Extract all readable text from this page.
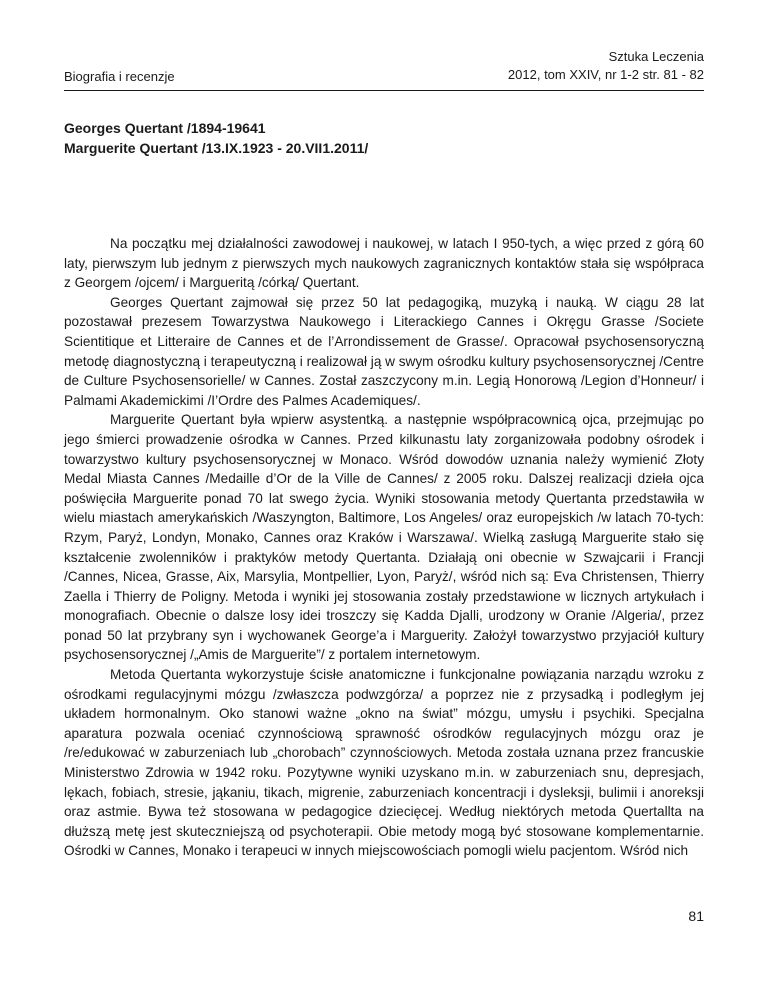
Biografia i recenzje
Sztuka Leczenia
2012, tom XXIV, nr 1-2 str. 81 - 82
Georges Quertant /1894-19641
Marguerite Quertant /13.IX.1923 - 20.VII1.2011/

Na początku mej działalności zawodowej i naukowej, w latach I 950-tych, a więc przed z górą 60 laty, pierwszym lub jednym z pierwszych mych naukowych zagranicznych kontaktów stała się współpraca z Georgem /ojcem/ i Margueritą /córką/ Quertant.

Georges Quertant zajmował się przez 50 lat pedagogiką, muzyką i nauką. W ciągu 28 lat pozostawał prezesem Towarzystwa Naukowego i Literackiego Cannes i Okręgu Grasse /Societe Scientitique et Litteraire de Cannes et de l’Arrondissement de Grasse/. Opracował psychosensoryczną metodę diagnostyczną i terapeutyczną i realizował ją w swym ośrodku kultury psychosensorycznej /Centre de Culture Psychosensorielle/ w Cannes. Został zaszczycony m.in. Legią Honorową /Legion d’Honneur/ i Palmami Akademickimi /I’Ordre des Palmes Academiques/.

Marguerite Quertant była wpierw asystentką. a następnie współpracownicą ojca, przejmując po jego śmierci prowadzenie ośrodka w Cannes. Przed kilkunastu laty zorganizowała podobny ośrodek i towarzystwo kultury psychosensorycznej w Monaco. Wśród dowodów uznania należy wymienić Złoty Medal Miasta Cannes /Medaille d’Or de la Ville de Cannes/ z 2005 roku. Dalszej realizacji dzieła ojca poświęciła Marguerite ponad 70 lat swego życia. Wyniki stosowania metody Quertanta przedstawiła w wielu miastach amerykańskich /Waszyngton, Baltimore, Los Angeles/ oraz europejskich /w latach 70-tych: Rzym, Paryż, Londyn, Monako, Cannes oraz Kraków i Warszawa/. Wielką zasługą Marguerite stało się kształcenie zwolenników i praktyków metody Quertanta. Działają oni obecnie w Szwajcarii i Francji /Cannes, Nicea, Grasse, Aix, Marsylia, Montpellier, Lyon, Paryż/, wśród nich są: Eva Christensen, Thierry Zaella i Thierry de Poligny. Metoda i wyniki jej stosowania zostały przedstawione w licznych artykułach i monografiach. Obecnie o dalsze losy idei troszczy się Kadda Djalli, urodzony w Oranie /Algeria/, przez ponad 50 lat przybrany syn i wychowanek George’a i Marguerity. Założył towarzystwo przyjaciół kultury psychosensorycznej /„Amis de Marguerite”/ z portalem internetowym.

Metoda Quertanta wykorzystuje ścisłe anatomiczne i funkcjonalne powiązania narządu wzroku z ośrodkami regulacyjnymi mózgu /zwłaszcza podwzgórza/ a poprzez nie z przysadką i podległym jej układem hormonalnym. Oko stanowi ważne „okno na świat” mózgu, umysłu i psychiki. Specjalna aparatura pozwala oceniać czynnościową sprawność ośrodków regulacyjnych mózgu oraz je /re/edukować w zaburzeniach lub „chorobach” czynnościowych. Metoda została uznana przez francuskie Ministerstwo Zdrowia w 1942 roku. Pozytywne wyniki uzyskano m.in. w zaburzeniach snu, depresjach, lękach, fobiach, stresie, jąkaniu, tikach, migrenie, zaburzeniach koncentracji i dysleksji, bulimii i anoreksji oraz astmie. Bywa też stosowana w pedagogice dziecięcej. Według niektórych metoda Quertallta na dłuższą metę jest skuteczniejszą od psychoterapii. Obie metody mogą być stosowane komplementarnie. Ośrodki w Cannes, Monako i terapeuci w innych miejscowościach pomogli wielu pacjentom. Wśród nich

81
